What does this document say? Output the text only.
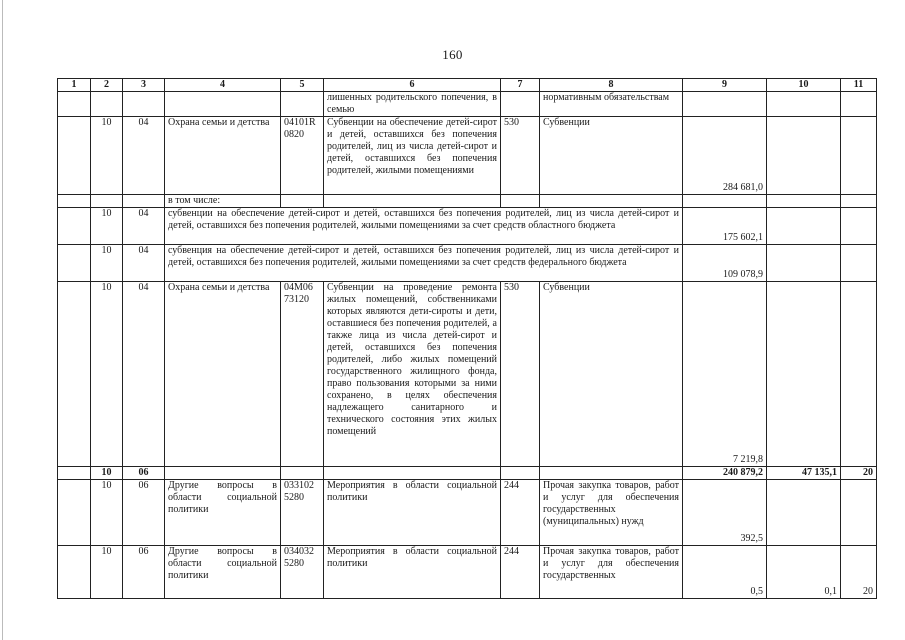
160
1	2	3	4	5	6	7	8	9	10	11
					лишенных родительского попечения, в семью		нормативным обязательствам			
	10	04	Охрана семьи и детства	04101R 0820	Субвенции на обеспечение детей-сирот и детей, оставшихся без попечения родителей, лиц из числа детей-сирот и детей, оставшихся без попечения родителей, жилыми помещениями	530	Субвенции	284 681,0		
			в том числе:							
	10	04	субвенции на обеспечение детей-сирот и детей, оставшихся без попечения родителей, лиц из числа детей-сирот и детей, оставшихся без попечения родителей, жилыми помещениями за счет средств областного бюджета					175 602,1		
	10	04	субвенция на обеспечение детей-сирот и детей, оставшихся без попечения родителей, лиц из числа детей-сирот и детей, оставшихся без попечения родителей, жилыми помещениями за счет средств федерального бюджета					109 078,9		
	10	04	Охрана семьи и детства	04М06 73120	Субвенции на проведение ремонта жилых помещений, собственниками которых являются дети-сироты и дети, оставшиеся без попечения родителей, а также лица из числа детей-сирот и детей, оставшихся без попечения родителей, либо жилых помещений государственного жилищного фонда, право пользования которыми за ними сохранено, в целях обеспечения надлежащего санитарного и технического состояния этих жилых помещений	530	Субвенции	7 219,8		
	10	06						240 879,2	47 135,1	20
	10	06	Другие вопросы в области социальной политики	033102 5280	Мероприятия в области социальной политики	244	Прочая закупка товаров, работ и услуг для обеспечения государственных (муниципальных) нужд	392,5		
	10	06	Другие вопросы в области социальной политики	034032 5280	Мероприятия в области социальной политики	244	Прочая закупка товаров, работ и услуг для обеспечения государственных	0,5	0,1	20
